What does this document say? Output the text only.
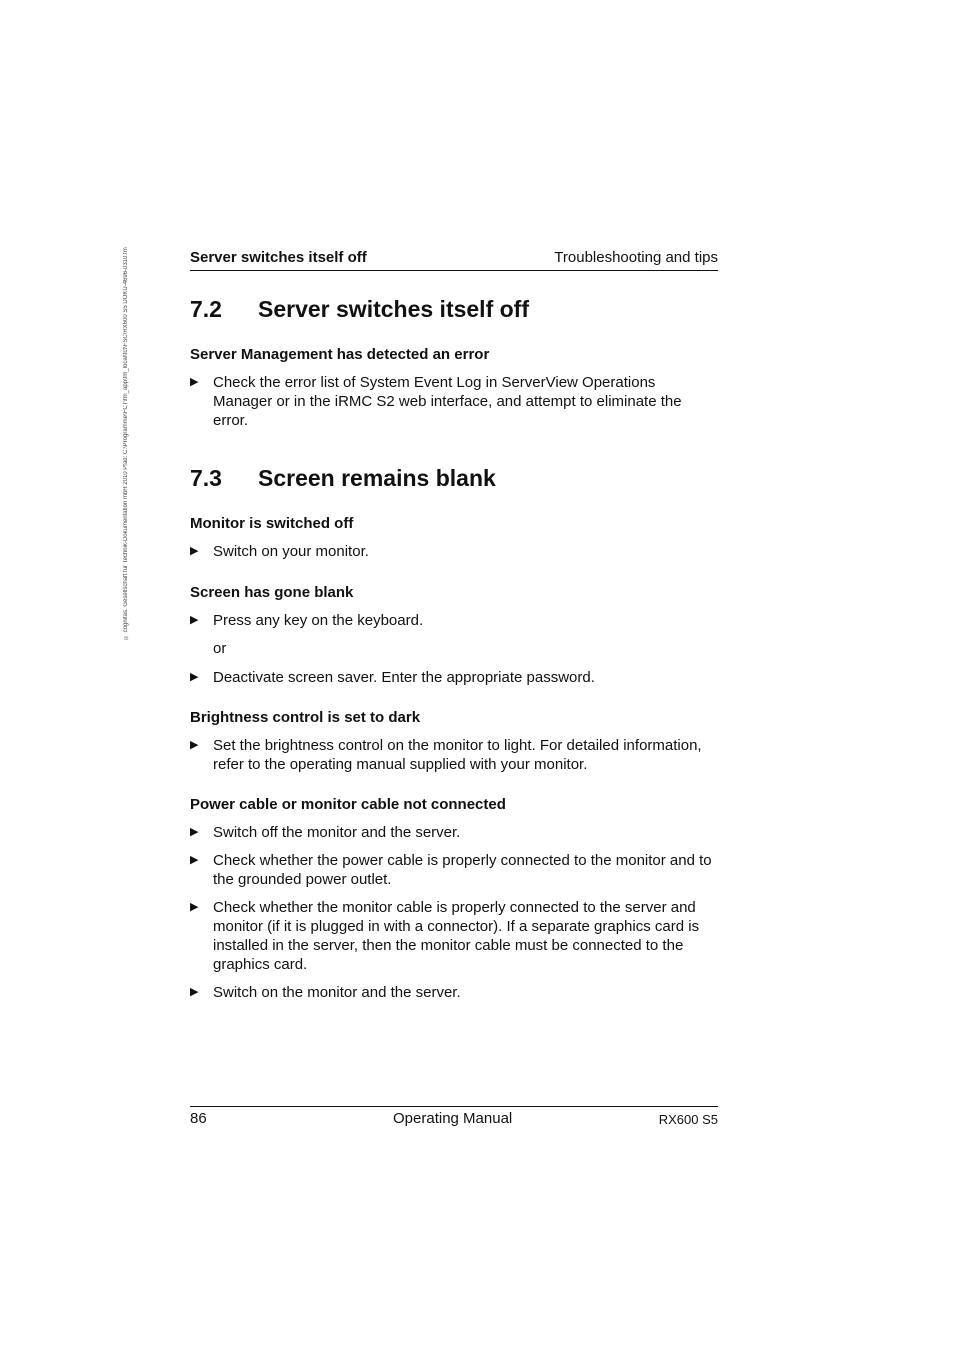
© cognitas. Gesellschaft für Technik-Dokumentation mbH 2010 Pfad: C:\Programme\FCT\fm_app\fm_local\fct\FSC\RX600 S5 DOKU-4696-0310.fm	Server switches itself off	Troubleshooting and tips
7.2	Server switches itself off

Server Management has detected an error

▶ Check the error list of System Event Log in ServerView Operations Manager or in the iRMC S2 web interface, and attempt to eliminate the error.
7.3	Screen remains blank

Monitor is switched off

▶ Switch on your monitor.

Screen has gone blank

▶ Press any key on the keyboard.
or
▶ Deactivate screen saver. Enter the appropriate password.

Brightness control is set to dark

▶ Set the brightness control on the monitor to light. For detailed information, refer to the operating manual supplied with your monitor.

Power cable or monitor cable not connected

▶ Switch off the monitor and the server.
▶ Check whether the power cable is properly connected to the monitor and to the grounded power outlet.
▶ Check whether the monitor cable is properly connected to the server and monitor (if it is plugged in with a connector). If a separate graphics card is installed in the server, then the monitor cable must be connected to the graphics card.
▶ Switch on the monitor and the server.
86	Operating Manual	RX600 S5
